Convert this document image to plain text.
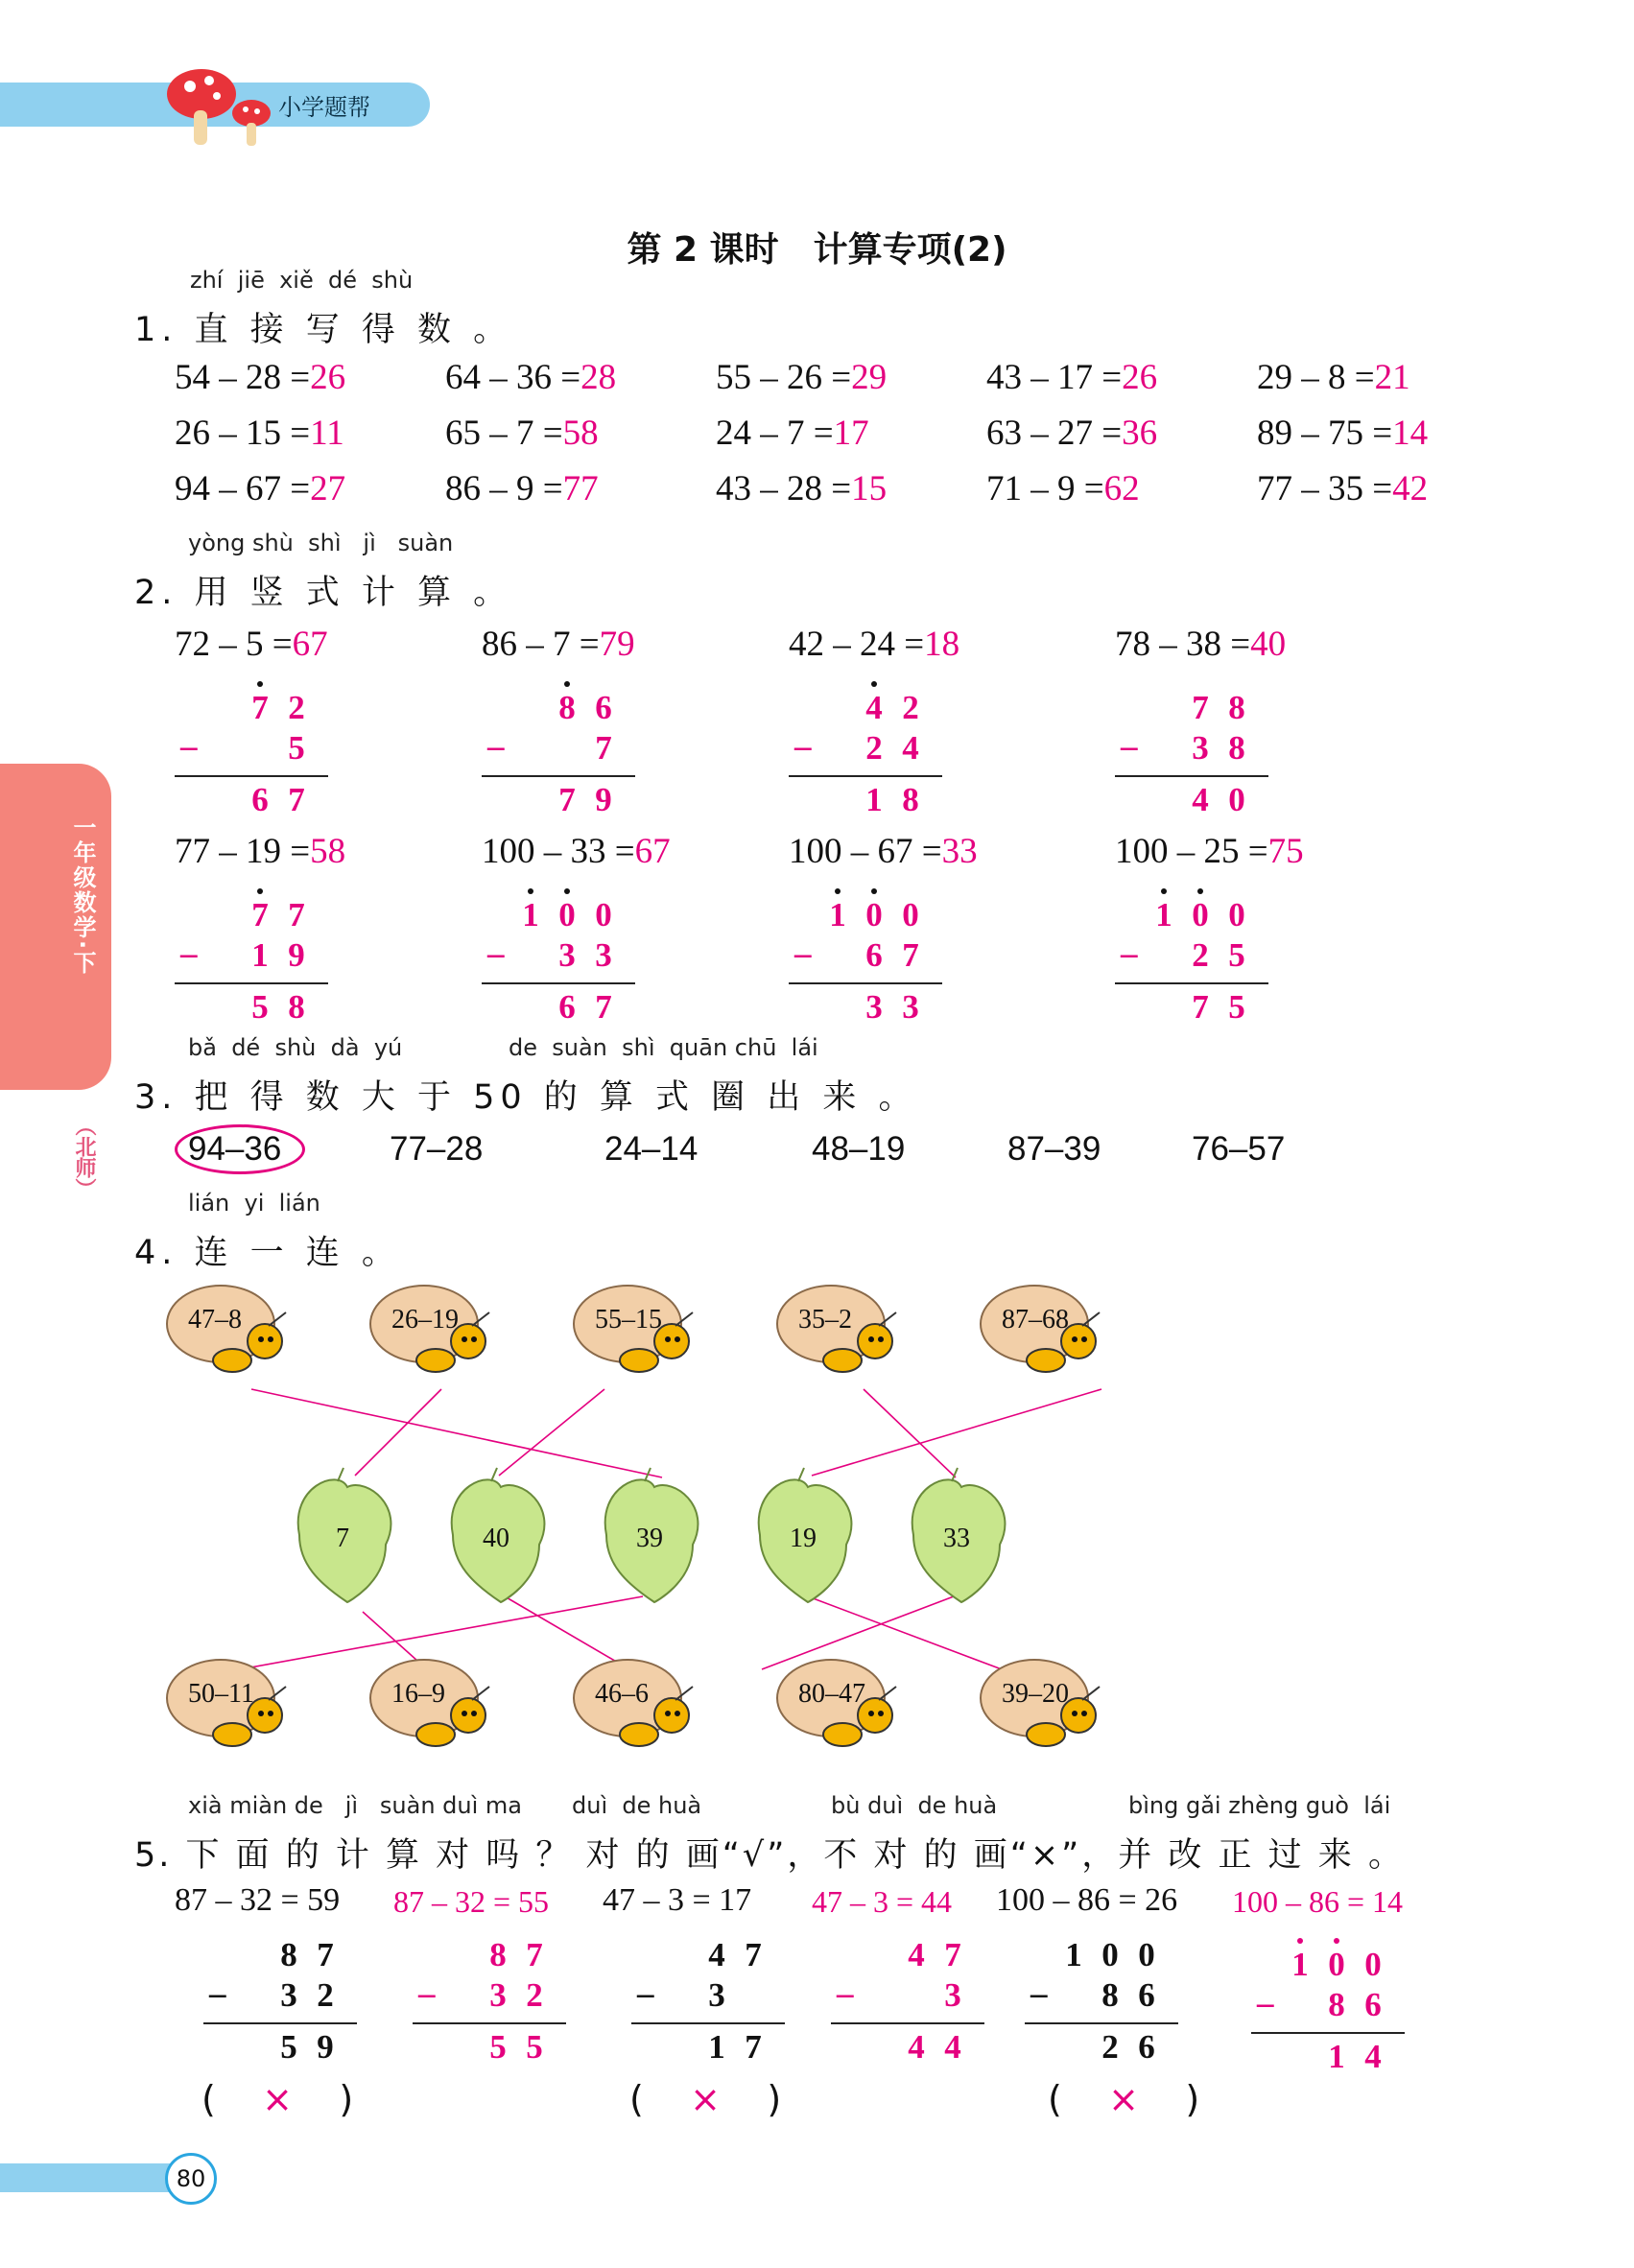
小学题帮
一年级数学·下
（北师）
80
第 2 课时　计算专项(2)
zhí  jiē  xiě  dé  shù
1. 直 接 写 得 数 。
54 – 28 =26	64 – 36 =28	55 – 26 =29	43 – 17 =26	29 – 8 =21
26 – 15 =11	65 – 7 =58	24 – 7 =17	63 – 27 =36	89 – 75 =14
94 – 67 =27	86 – 9 =77	43 – 28 =15	71 – 9 =62	77 – 35 =42
yòng shù  shì   jì   suàn
2. 用 竖 式 计 算 。
72 – 5 =67
7 2
5
–
6 7
86 – 7 =79
8 6
7
–
7 9
42 – 24 =18
4 2
2 4
–
1 8
78 – 38 =40
7 8
3 8
–
4 0
77 – 19 =58
7 7
1 9
–
5 8
100 – 33 =67
1 0 0
3 3
–
6 7
100 – 67 =33
1 0 0
6 7
–
3 3
100 – 25 =75
1 0 0
2 5
–
7 5
bǎ  dé  shù  dà  yú	de  suàn  shì  quān chū  lái
3. 把 得 数 大 于 50 的 算 式 圈 出 来 。
94–36	77–28	24–14	48–19	87–39	76–57
lián  yi  lián
4. 连 一 连 。
47–8	26–19	55–15	35–2	87–68
7	40	39	19	33
50–11	16–9	46–6	80–47	39–20
xià miàn de   jì   suàn duì ma duì  de huà	bù duì  de huà	bìng gǎi zhèng guò  lái
5. 下 面 的 计 算 对 吗 ？ 对 的 画“√”，不 对 的 画“×”，并 改 正 过 来 。
87 – 32 = 59
8 7
3 2
–
5 9
47 – 3 = 17
4 7
3
–
1 7
100 – 86 = 26
1 0 0
8 6
–
2 6
87 – 32 = 55
8 7
3 2
–
5 5
47 – 3 = 44
4 7
3
–
4 4
100 – 86 = 14
1 0 0
8 6
–
1 4
(    ×    )	(    ×    )	(    ×    )
